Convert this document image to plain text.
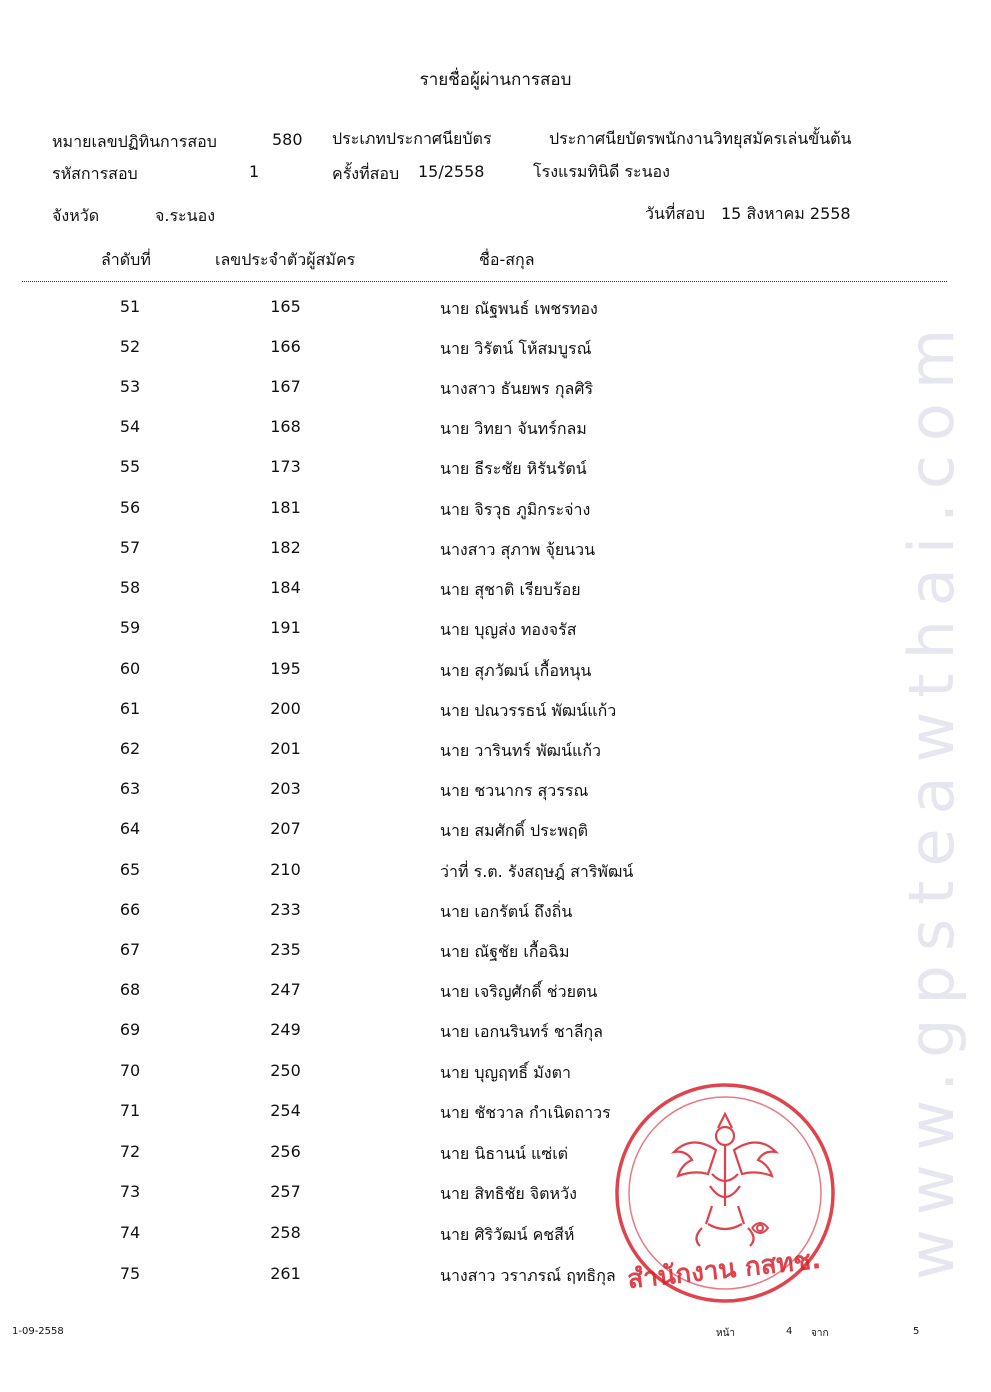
www.gpsteawthai.com
รายชื่อผู้ผ่านการสอบ
หมายเลขปฏิทินการสอบ	580 ประเภทประกาศนียบัตร	ประกาศนียบัตรพนักงานวิทยุสมัครเล่นขั้นต้น
รหัสการสอบ	1	ครั้งที่สอบ 15/2558	โรงแรมทินิดี ระนอง
จังหวัด	จ.ระนอง	วันที่สอบ 15 สิงหาคม 2558
ลำดับที่	เลขประจำตัวผู้สมัคร	ชื่อ-สกุล
51	165	นาย ณัฐพนธ์ เพชรทอง
52	166	นาย วิรัตน์ โห้สมบูรณ์
53	167	นางสาว ธันยพร กุลศิริ
54	168	นาย วิทยา จันทร์กลม
55	173	นาย ธีระชัย หิรันรัตน์
56	181	นาย จิรวุธ ภูมิกระจ่าง
57	182	นางสาว สุภาพ จุ้ยนวน
58	184	นาย สุชาติ เรียบร้อย
59	191	นาย บุญส่ง ทองจรัส
60	195	นาย สุภวัฒน์ เกื้อหนุน
61	200	นาย ปณวรรธน์ พัฒน์แก้ว
62	201	นาย วารินทร์ พัฒน์แก้ว
63	203	นาย ชวนากร สุวรรณ
64	207	นาย สมศักดิ์ ประพฤติ
65	210	ว่าที่ ร.ต. รังสฤษฎ์ สาริพัฒน์
66	233	นาย เอกรัตน์ ถึงถิ่น
67	235	นาย ณัฐชัย เกื้อฉิม
68	247	นาย เจริญศักดิ์ ช่วยตน
69	249	นาย เอกนรินทร์ ชาลีกุล
70	250	นาย บุญฤทธิ์ มังตา
71	254	นาย ชัชวาล กำเนิดถาวร
72	256	นาย นิธานน์ แซ่เต่
73	257	นาย สิทธิชัย จิตหวัง
74	258	นาย ศิริวัฒน์ คชสีห์
75	261	นางสาว วราภรณ์ ฤทธิกุล สำนักงาน กสทช.
1-09-2558	หน้า	4 จาก	5
